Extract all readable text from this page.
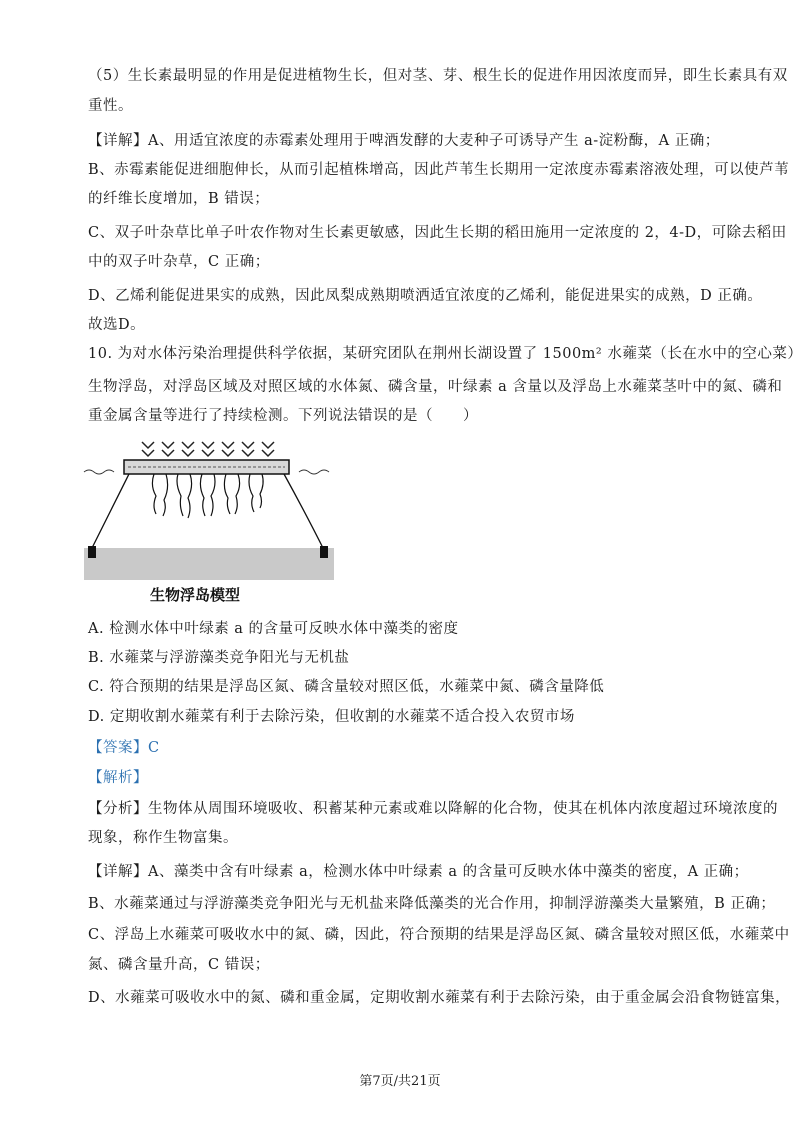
（5）生长素最明显的作用是促进植物生长，但对茎、芽、根生长的促进作用因浓度而异，即生长素具有双
重性。
【详解】A、用适宜浓度的赤霉素处理用于啤酒发酵的大麦种子可诱导产生 a-淀粉酶，A 正确；
B、赤霉素能促进细胞伸长，从而引起植株增高，因此芦苇生长期用一定浓度赤霉素溶液处理，可以使芦苇
的纤维长度增加，B 错误；
C、双子叶杂草比单子叶农作物对生长素更敏感，因此生长期的稻田施用一定浓度的 2，4-D，可除去稻田
中的双子叶杂草，C 正确；
D、乙烯利能促进果实的成熟，因此凤梨成熟期喷洒适宜浓度的乙烯利，能促进果实的成熟，D 正确。
故选D。
10. 为对水体污染治理提供科学依据，某研究团队在荆州长湖设置了 1500m² 水蕹菜（长在水中的空心菜）
生物浮岛，对浮岛区域及对照区域的水体氮、磷含量，叶绿素 a 含量以及浮岛上水蕹菜茎叶中的氮、磷和
重金属含量等进行了持续检测。下列说法错误的是（　　）
生物浮岛模型
A. 检测水体中叶绿素 a 的含量可反映水体中藻类的密度
B. 水蕹菜与浮游藻类竞争阳光与无机盐
C. 符合预期的结果是浮岛区氮、磷含量较对照区低，水蕹菜中氮、磷含量降低
D. 定期收割水蕹菜有利于去除污染，但收割的水蕹菜不适合投入农贸市场
【答案】C
【解析】
【分析】生物体从周围环境吸收、积蓄某种元素或难以降解的化合物，使其在机体内浓度超过环境浓度的
现象，称作生物富集。
【详解】A、藻类中含有叶绿素 a，检测水体中叶绿素 a 的含量可反映水体中藻类的密度，A 正确；
B、水蕹菜通过与浮游藻类竞争阳光与无机盐来降低藻类的光合作用，抑制浮游藻类大量繁殖，B 正确；
C、浮岛上水蕹菜可吸收水中的氮、磷，因此，符合预期的结果是浮岛区氮、磷含量较对照区低，水蕹菜中
氮、磷含量升高，C 错误；
D、水蕹菜可吸收水中的氮、磷和重金属，定期收割水蕹菜有利于去除污染，由于重金属会沿食物链富集，
第7页/共21页
